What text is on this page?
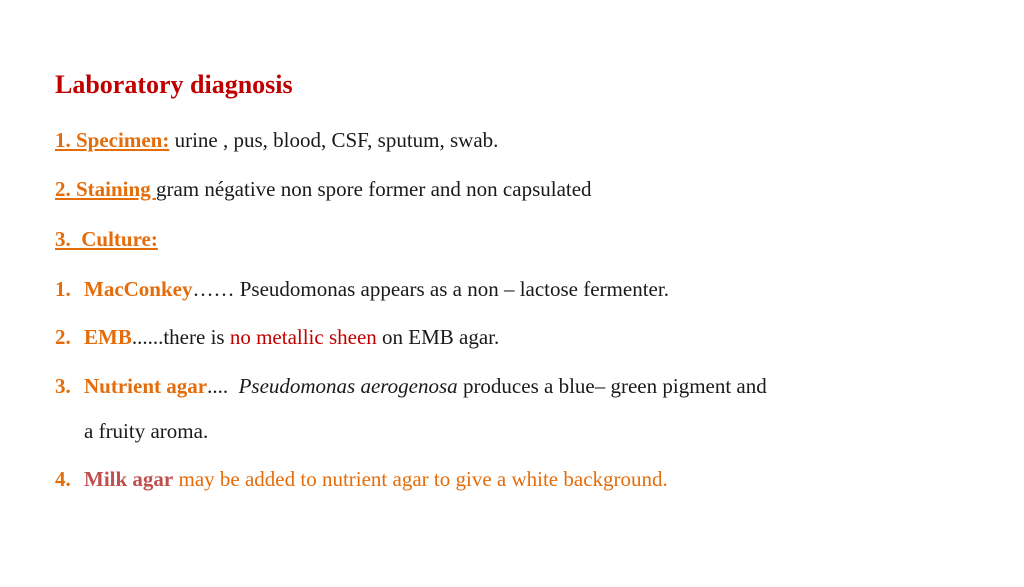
Laboratory diagnosis
1. Specimen: urine , pus, blood, CSF, sputum, swab.
2. Staining gram négative non spore former and non capsulated
3.  Culture:
1. MacConkey…… Pseudomonas appears as a non – lactose fermenter.
2. EMB......there is no metallic sheen on EMB agar.
3. Nutrient agar....  Pseudomonas aerogenosa produces a blue– green pigment and
a fruity aroma.
4. Milk agar may be added to nutrient agar to give a white background.
